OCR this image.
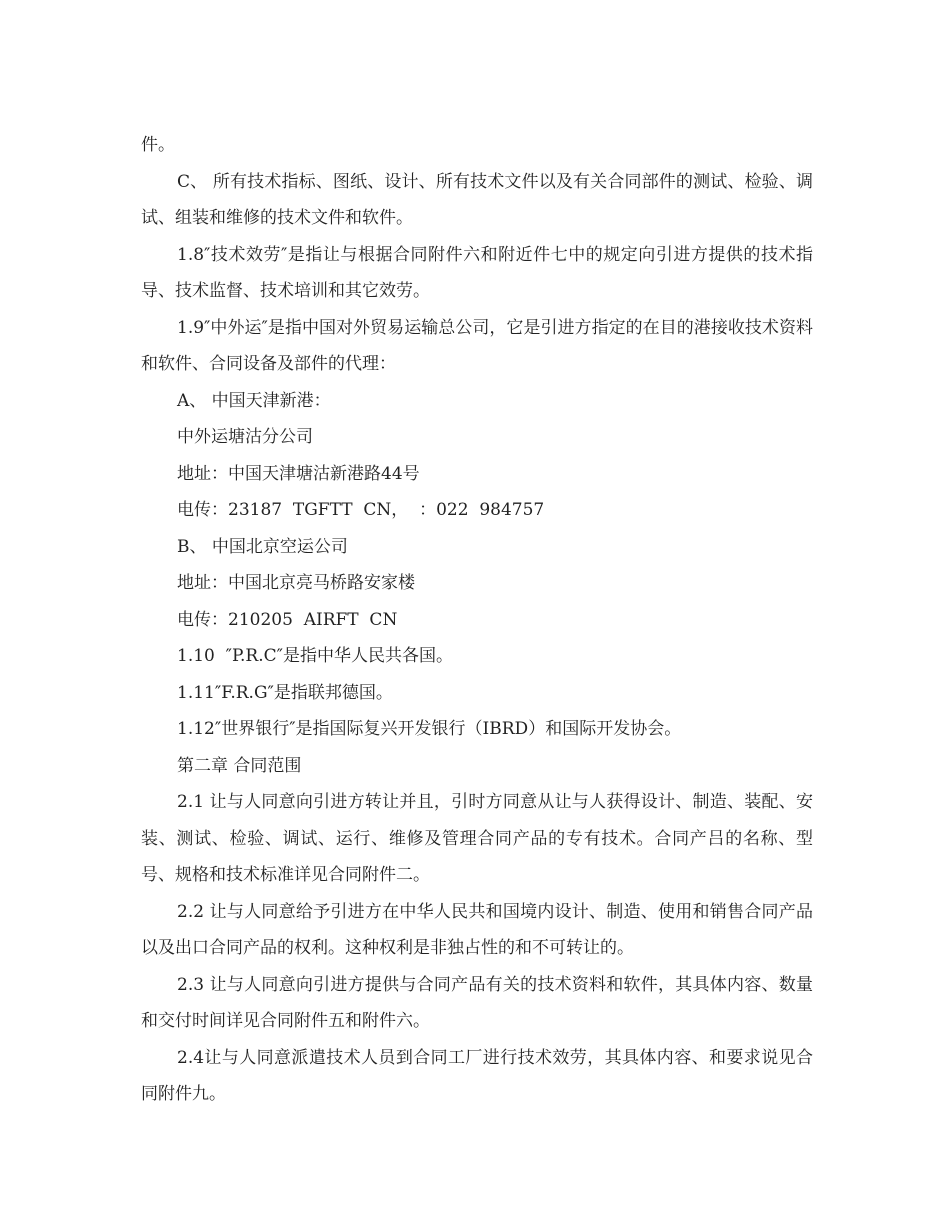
件。

C、 所有技术指标、图纸、设计、所有技术文件以及有关合同部件的测试、检验、调试、组装和维修的技术文件和软件。

1.8″技术效劳″是指让与根据合同附件六和附近件七中的规定向引进方提供的技术指导、技术监督、技术培训和其它效劳。

1.9″中外运″是指中国对外贸易运输总公司，它是引进方指定的在目的港接收技术资料和软件、合同设备及部件的代理：

A、 中国天津新港：

中外运塘沽分公司

地址：中国天津塘沽新港路44号

电传：23187  TGFTT  CN，  ：022  984757

B、 中国北京空运公司

地址：中国北京亮马桥路安家楼

电传：210205  AIRFT  CN

1.10  ″P.R.C″是指中华人民共各国。

1.11″F.R.G″是指联邦德国。

1.12″世界银行″是指国际复兴开发银行（IBRD）和国际开发协会。

第二章 合同范围

2.1 让与人同意向引进方转让并且，引时方同意从让与人获得设计、制造、装配、安装、测试、检验、调试、运行、维修及管理合同产品的专有技术。合同产吕的名称、型号、规格和技术标准详见合同附件二。

2.2 让与人同意给予引进方在中华人民共和国境内设计、制造、使用和销售合同产品以及出口合同产品的权利。这种权利是非独占性的和不可转让的。

2.3 让与人同意向引进方提供与合同产品有关的技术资料和软件，其具体内容、数量和交付时间详见合同附件五和附件六。

2.4让与人同意派遣技术人员到合同工厂进行技术效劳，其具体内容、和要求说见合同附件九。
